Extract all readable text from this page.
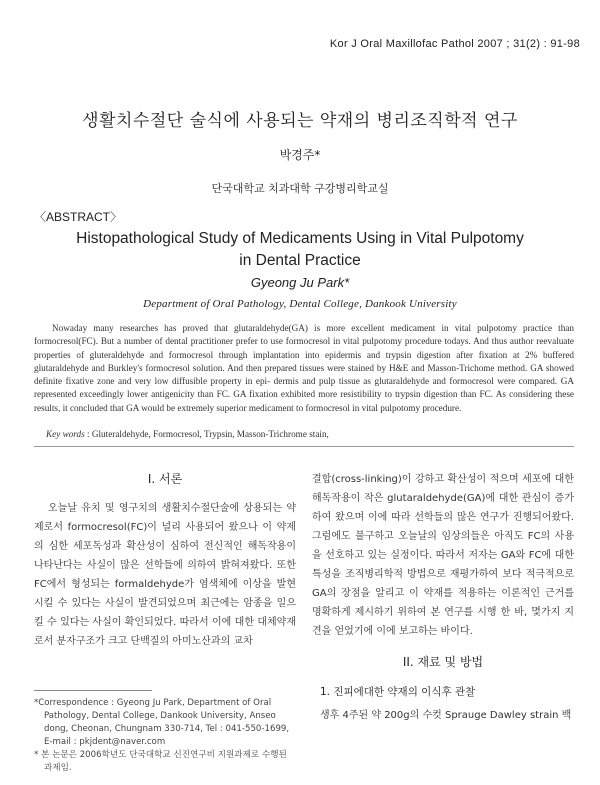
Kor J Oral Maxillofac Pathol 2007 ; 31(2) : 91-98
생활치수절단 술식에 사용되는 약재의 병리조직학적 연구
박경주*
단국대학교 치과대학 구강병리학교실
〈ABSTRACT〉
Histopathological Study of Medicaments Using in Vital Pulpotomy
in Dental Practice
Gyeong Ju Park*
Department of Oral Pathology, Dental College, Dankook University

Nowaday many researches has proved that glutaraldehyde(GA) is more excellent medicament in vital pulpotomy practice than formocresol(FC). But a number of dental practitioner prefer to use formocresol in vital pulpotomy procedure todays. And thus author reevaluate properties of gluteraldehyde and formocresol through implantation into epidermis and trypsin digestion after fixation at 2% buffered glutaraldehyde and Burkley's formocresol solution. And then prepared tissues were stained by H&E and Masson-Trichome method. GA showed definite fixative zone and very low diffusible property in epi- dermis and pulp tissue as glutaraldehyde and formocresol were compared. GA represented exceedingly lower antigenicity than FC. GA fixation exhibited more resistibility to trypsin digestion than FC. As considering these results, it concluded that GA would be extremely superior medicament to formocresol in vital pulpotomy procedure.

Key words : Gluteraldehyde, Formocresol, Trypsin, Masson-Trichrome stain,
I. 서론

오늘날 유치 및 영구치의 생활치수절단술에 상용되는 약제로서 formocresol(FC)이 널리 사용되어 왔으나 이 약제의 심한 세포독성과 확산성이 심하여 전신적인 해독작용이 나타난다는 사실이 많은 선학들에 의하여 밝혀져왔다. 또한 FC에서 형성되는 formaldehyde가 염색체에 이상을 발현시킬 수 있다는 사실이 발견되었으며 최근에는 암종을 일으킬 수 있다는 사실이 확인되었다. 따라서 이에 대한 대체약재로서 분자구조가 크고 단백질의 아미노산과의 교차

결합(cross-linking)이 강하고 확산성이 적으며 세포에 대한 해독작용이 작은 glutaraldehyde(GA)에 대한 관심이 증가하여 왔으며 이에 따라 선학들의 많은 연구가 진행되어왔다. 그럼에도 불구하고 오늘날의 임상의들은 아직도 FC의 사용을 선호하고 있는 실정이다. 따라서 저자는 GA와 FC에 대한 특성을 조직병리학적 방법으로 재평가하여 보다 적극적으로 GA의 장점을 알리고 이 약재를 적용하는 이론적인 근거를 명확하게 제시하기 위하여 본 연구를 시행 한 바, 몇가지 지견을 얻었기에 이에 보고하는 바이다.

II. 재료 및 방법
1. 진피에대한 약재의 이식후 관찰

생후 4주된 약 200g의 수컷 Sprauge Dawley strain 백

*Correspondence : Gyeong Ju Park, Department of Oral Pathology, Dental College, Dankook University, Anseo dong, Cheonan, Chungnam 330-714, Tel : 041-550-1699, E-mail : pkjdent@naver.com

* 본 논문은 2006학년도 단국대학교 신진연구비 지원과제로 수행된 과제임.
